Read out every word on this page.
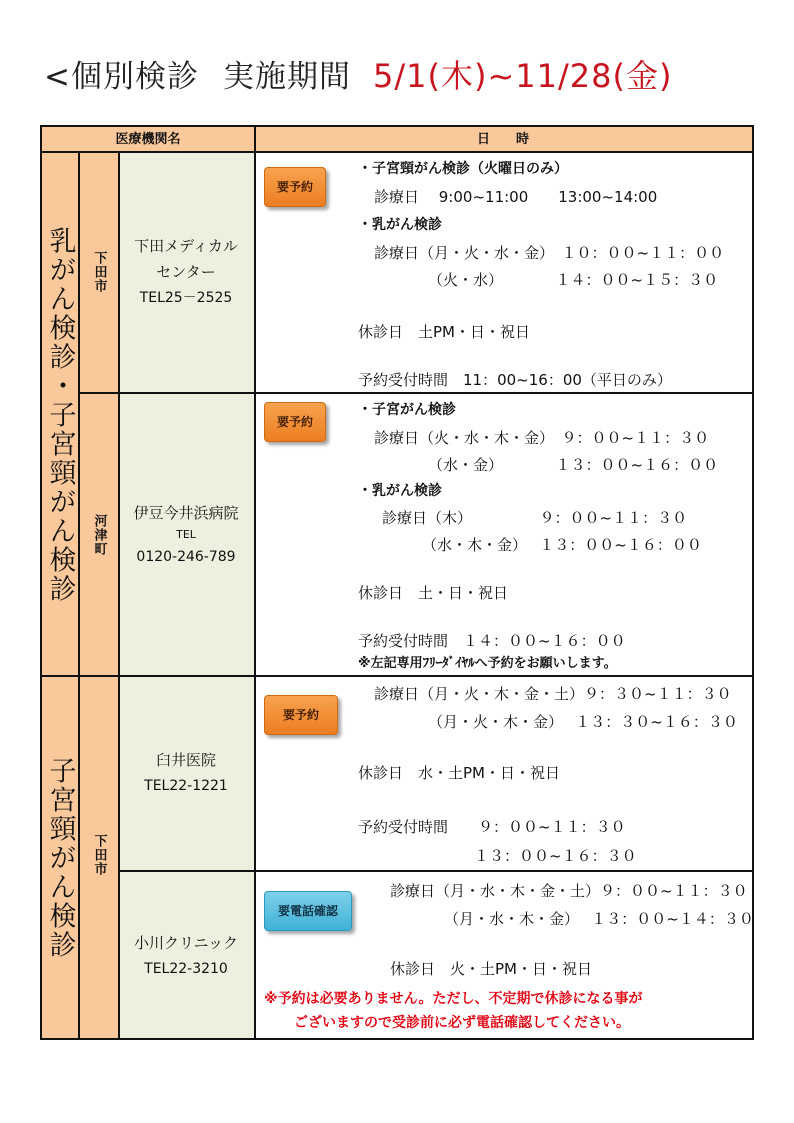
<個別検診 実施期間 5/1(木)~11/28(金)
医療機関名	日　　時
乳がん検診・子宮頸がん検診
子宮頸がん検診
下田市
河津町
下田市
下田メディカル
センター
TEL25－2525
伊豆今井浜病院
TEL
0120-246-789
臼井医院
TEL22-1221
小川クリニック
TEL22-3210
要予約
要予約
要予約
要電話確認
・子宮頸がん検診（火曜日のみ）
診療日　 9:00~11:00　　13:00~14:00
・乳がん検診
診療日（月・火・水・金）　１０：００~１１：００
（火・水）　　　　１４：００~１５：３０
休診日　土PM・日・祝日
予約受付時間　11：00~16：00（平日のみ）
・子宮がん検診
診療日（火・水・木・金）　９：００~１１：３０
（水・金）　　　　１３：００~１６：００
・乳がん検診
診療日（木）　　　　　９：００~１１：３０
（水・木・金）　 １３：００~１６：００
休診日　土・日・祝日
予約受付時間　１４：００~１６：００
※左記専用ﾌﾘｰﾀﾞｲﾔﾙへ予約をお願いします。
診療日（月・火・木・金・土）９：３０~１１：３０
（月・火・木・金）　 １３：３０~１６：３０
休診日　水・土PM・日・祝日
予約受付時間　　９：００~１１：３０
１３：００~１６：３０
診療日（月・水・木・金・土）９：００~１１：３０
（月・水・木・金）　 １３：００~１４：３０
休診日　火・土PM・日・祝日
※予約は必要ありません。ただし、不定期で休診になる事が
ございますので受診前に必ず電話確認してください。
